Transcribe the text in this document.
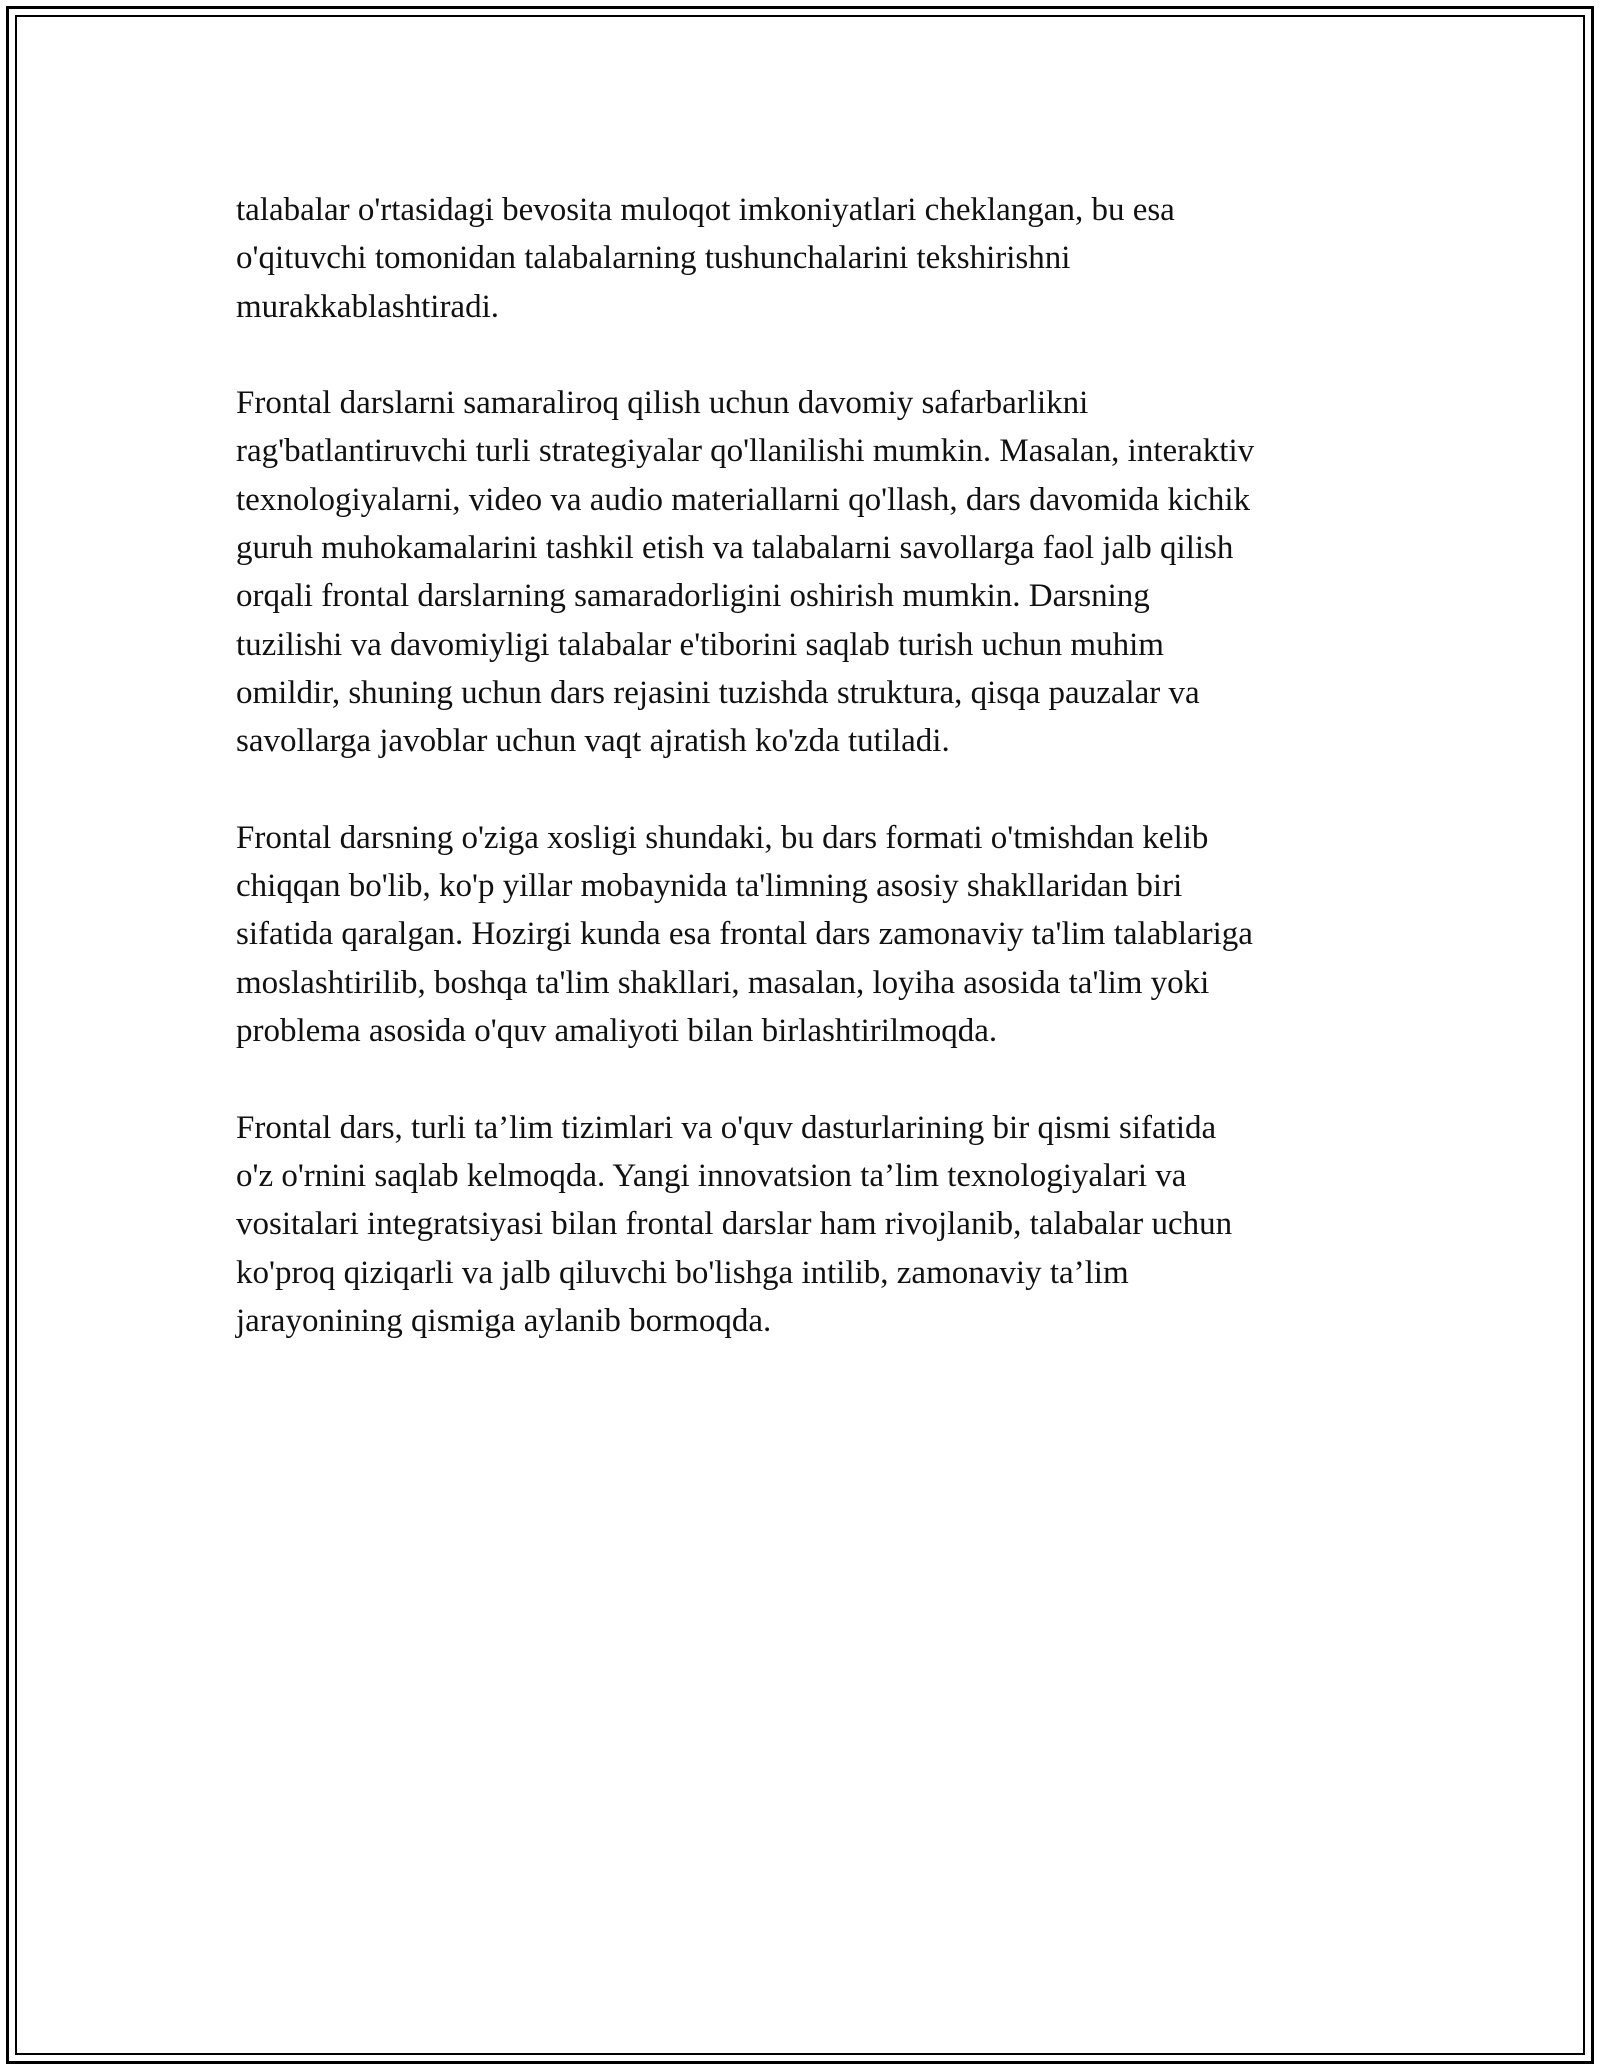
talabalar o'rtasidagi bevosita muloqot imkoniyatlari cheklangan, bu esa
o'qituvchi tomonidan talabalarning tushunchalarini tekshirishni
murakkablashtiradi.

Frontal darslarni samaraliroq qilish uchun davomiy safarbarlikni
rag'batlantiruvchi turli strategiyalar qo'llanilishi mumkin. Masalan, interaktiv
texnologiyalarni, video va audio materiallarni qo'llash, dars davomida kichik
guruh muhokamalarini tashkil etish va talabalarni savollarga faol jalb qilish
orqali frontal darslarning samaradorligini oshirish mumkin. Darsning
tuzilishi va davomiyligi talabalar e'tiborini saqlab turish uchun muhim
omildir, shuning uchun dars rejasini tuzishda struktura, qisqa pauzalar va
savollarga javoblar uchun vaqt ajratish ko'zda tutiladi.

Frontal darsning o'ziga xosligi shundaki, bu dars formati o'tmishdan kelib
chiqqan bo'lib, ko'p yillar mobaynida ta'limning asosiy shakllaridan biri
sifatida qaralgan. Hozirgi kunda esa frontal dars zamonaviy ta'lim talablariga
moslashtirilib, boshqa ta'lim shakllari, masalan, loyiha asosida ta'lim yoki
problema asosida o'quv amaliyoti bilan birlashtirilmoqda.

Frontal dars, turli ta’lim tizimlari va o'quv dasturlarining bir qismi sifatida
o'z o'rnini saqlab kelmoqda. Yangi innovatsion ta’lim texnologiyalari va
vositalari integratsiyasi bilan frontal darslar ham rivojlanib, talabalar uchun
ko'proq qiziqarli va jalb qiluvchi bo'lishga intilib, zamonaviy ta’lim
jarayonining qismiga aylanib bormoqda.
